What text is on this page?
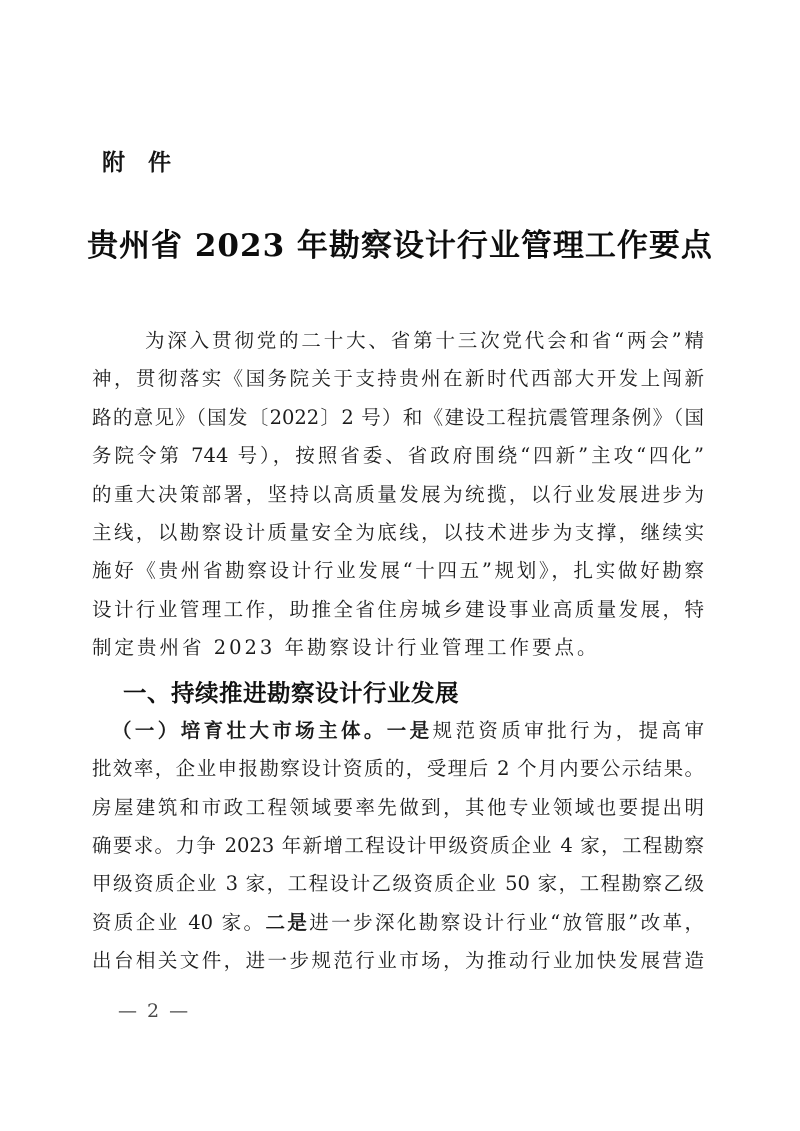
附　件
贵州省 2023 年勘察设计行业管理工作要点
为深入贯彻党的二十大、省第十三次党代会和省“两会”精
神，贯彻落实《国务院关于支持贵州在新时代西部大开发上闯新
路的意见》（国发〔2022〕2 号）和《建设工程抗震管理条例》（国
务院令第 744 号），按照省委、省政府围绕“四新”主攻“四化”
的重大决策部署，坚持以高质量发展为统揽，以行业发展进步为
主线，以勘察设计质量安全为底线，以技术进步为支撑，继续实
施好《贵州省勘察设计行业发展“十四五”规划》，扎实做好勘察
设计行业管理工作，助推全省住房城乡建设事业高质量发展，特
制定贵州省 2023 年勘察设计行业管理工作要点。
一、持续推进勘察设计行业发展
（一）培育壮大市场主体。一是规范资质审批行为，提高审
批效率，企业申报勘察设计资质的，受理后 2 个月内要公示结果。
房屋建筑和市政工程领域要率先做到，其他专业领域也要提出明
确要求。力争 2023 年新增工程设计甲级资质企业 4 家，工程勘察
甲级资质企业 3 家，工程设计乙级资质企业 50 家，工程勘察乙级
资质企业 40 家。二是进一步深化勘察设计行业“放管服”改革，
出台相关文件，进一步规范行业市场，为推动行业加快发展营造
— 2 —
